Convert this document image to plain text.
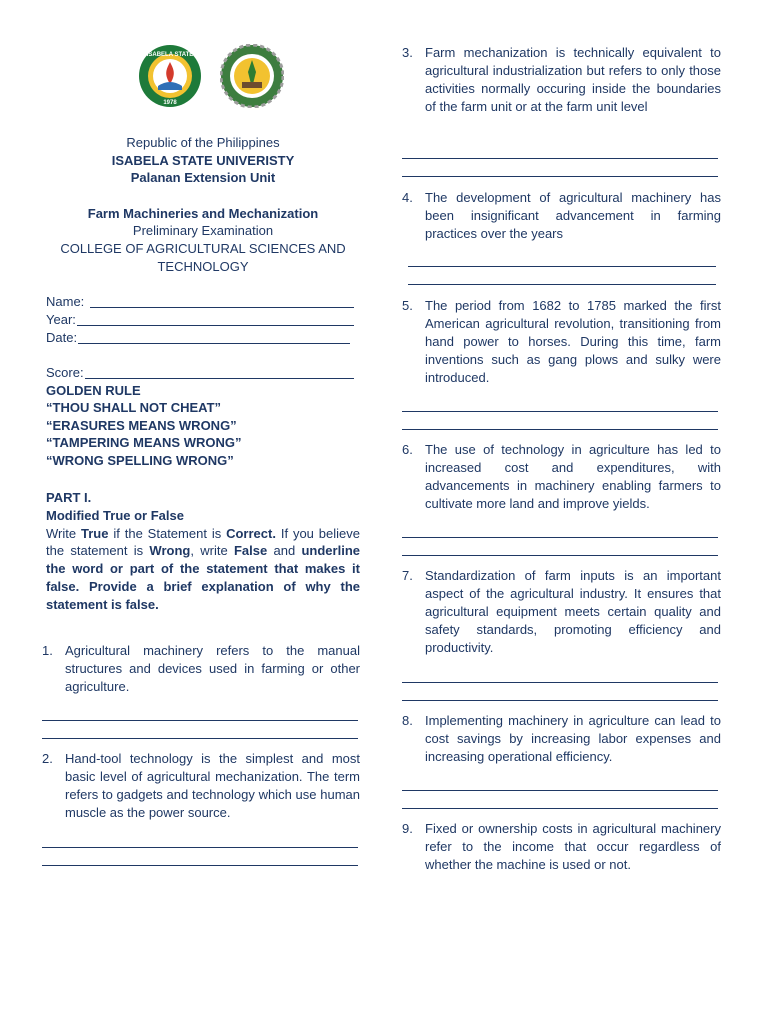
ISABELA STATE
1978
Republic of the Philippines
ISABELA STATE UNIVERISTY
Palanan Extension Unit
Farm Machineries and Mechanization
Preliminary Examination
COLLEGE OF AGRICULTURAL SCIENCES AND TECHNOLOGY
Name:
Year:
Date:
Score:
GOLDEN RULE
“THOU SHALL NOT CHEAT”
“ERASURES MEANS WRONG”
“TAMPERING MEANS WRONG”
“WRONG SPELLING WRONG”
PART I.
Modified True or False
Write True if the Statement is Correct. If you believe the statement is Wrong, write False and underline the word or part of the statement that makes it false. Provide a brief explanation of why the statement is false.
1. Agricultural machinery refers to the manual structures and devices used in farming or other agriculture.
2. Hand-tool technology is the simplest and most basic level of agricultural mechanization. The term refers to gadgets and technology which use human muscle as the power source.
3. Farm mechanization is technically equivalent to agricultural industrialization but refers to only those activities normally occuring inside the boundaries of the farm unit or at the farm unit level
4. The development of agricultural machinery has been insignificant advancement in farming practices over the years
5. The period from 1682 to 1785 marked the first American agricultural revolution, transitioning from hand power to horses. During this time, farm inventions such as gang plows and sulky were introduced.
6. The use of technology in agriculture has led to increased cost and expenditures, with advancements in machinery enabling farmers to cultivate more land and improve yields.
7. Standardization of farm inputs is an important aspect of the agricultural industry. It ensures that agricultural equipment meets certain quality and safety standards, promoting efficiency and productivity.
8. Implementing machinery in agriculture can lead to cost savings by increasing labor expenses and increasing operational efficiency.
9. Fixed or ownership costs in agricultural machinery refer to the income that occur regardless of whether the machine is used or not.
